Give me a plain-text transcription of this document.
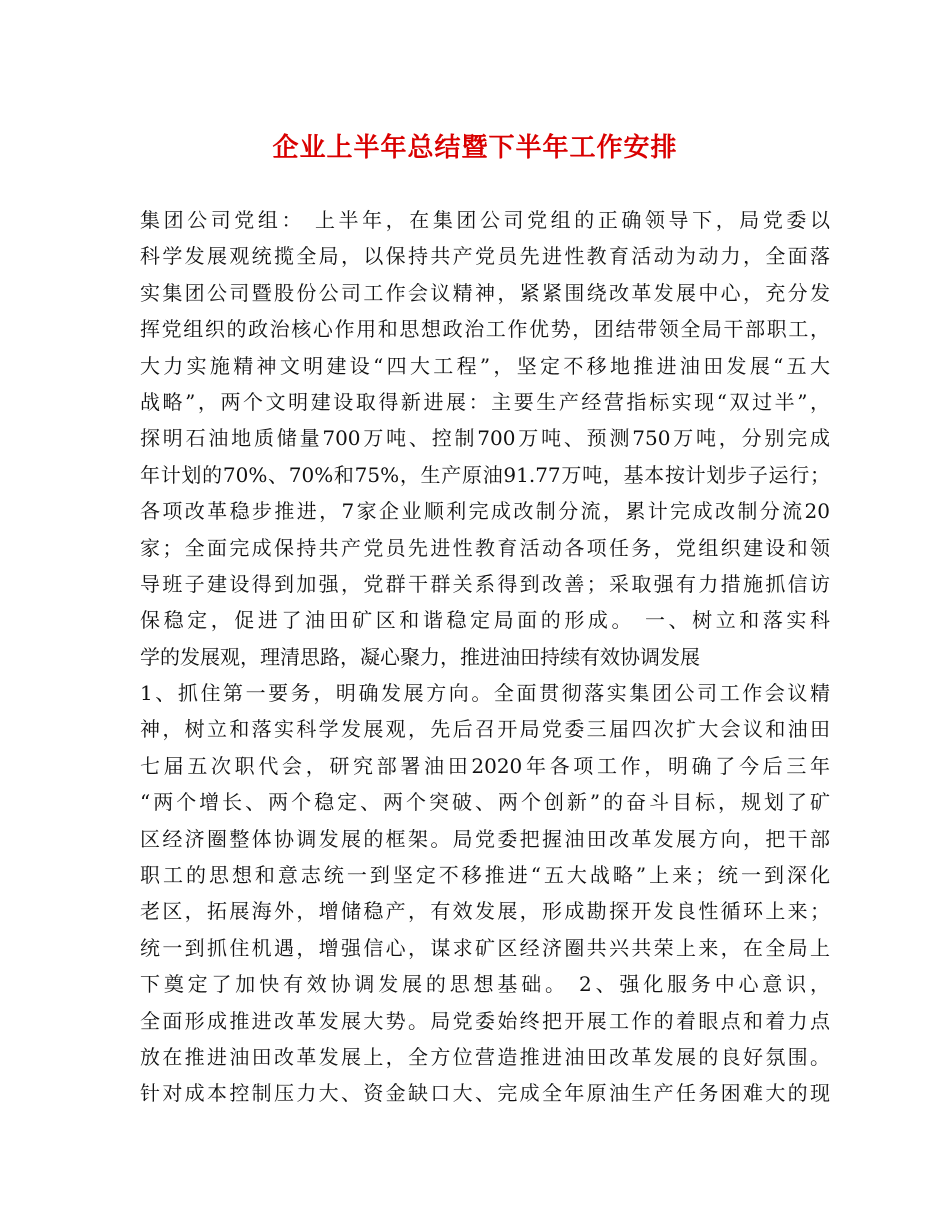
企业上半年总结暨下半年工作安排
集团公司党组： 上半年，在集团公司党组的正确领导下，局党委以
科学发展观统揽全局，以保持共产党员先进性教育活动为动力，全面落
实集团公司暨股份公司工作会议精神，紧紧围绕改革发展中心，充分发
挥党组织的政治核心作用和思想政治工作优势，团结带领全局干部职工，
大力实施精神文明建设“四大工程”，坚定不移地推进油田发展“五大
战略”，两个文明建设取得新进展：主要生产经营指标实现“双过半”，
探明石油地质储量700万吨、控制700万吨、预测750万吨，分别完成
年计划的70%、70%和75%，生产原油91.77万吨，基本按计划步子运行；
各项改革稳步推进，7家企业顺利完成改制分流，累计完成改制分流20
家；全面完成保持共产党员先进性教育活动各项任务，党组织建设和领
导班子建设得到加强，党群干群关系得到改善；采取强有力措施抓信访
保稳定，促进了油田矿区和谐稳定局面的形成。 一、树立和落实科
学的发展观，理清思路，凝心聚力，推进油田持续有效协调发展
1、抓住第一要务，明确发展方向。全面贯彻落实集团公司工作会议精
神，树立和落实科学发展观，先后召开局党委三届四次扩大会议和油田
七届五次职代会，研究部署油田2020年各项工作，明确了今后三年
“两个增长、两个稳定、两个突破、两个创新”的奋斗目标，规划了矿
区经济圈整体协调发展的框架。局党委把握油田改革发展方向，把干部
职工的思想和意志统一到坚定不移推进“五大战略”上来；统一到深化
老区，拓展海外，增储稳产，有效发展，形成勘探开发良性循环上来；
统一到抓住机遇，增强信心，谋求矿区经济圈共兴共荣上来，在全局上
下奠定了加快有效协调发展的思想基础。 2、强化服务中心意识，
全面形成推进改革发展大势。局党委始终把开展工作的着眼点和着力点
放在推进油田改革发展上，全方位营造推进油田改革发展的良好氛围。
针对成本控制压力大、资金缺口大、完成全年原油生产任务困难大的现
